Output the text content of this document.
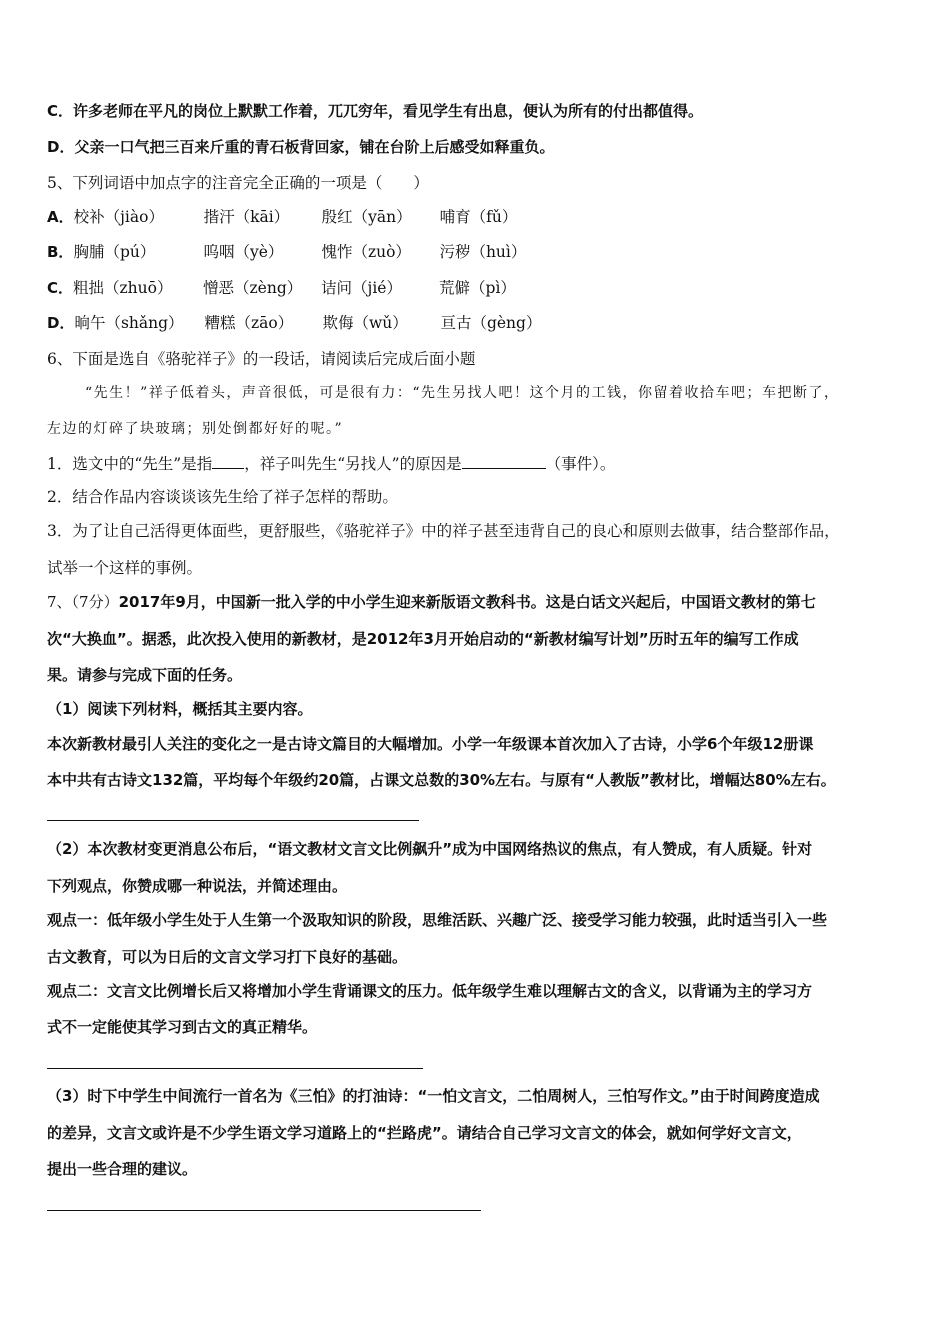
C．许多老师在平凡的岗位上默默工作着，兀兀穷年，看见学生有出息，便认为所有的付出都值得。
D．父亲一口气把三百来斤重的青石板背回家，铺在台阶上后感受如释重负。
5、下列词语中加点字的注音完全正确的一项是（　　）
A．校补（jiào）	揩汗（kāi） 殷红（yān） 哺育（fǔ）
B．胸脯（pú）	呜咽（yè） 愧怍（zuò） 污秽（huì）
C．粗拙（zhuō） 憎恶（zèng） 诘问（jié） 荒僻（pì）
D．晌午（shǎng） 糟糕（zāo） 欺侮（wǔ） 亘古（gèng）
6、下面是选自《骆驼祥子》的一段话，请阅读后完成后面小题
“先生！”祥子低着头，声音很低，可是很有力：“先生另找人吧！这个月的工钱，你留着收拾车吧；车把断了，
左边的灯碎了块玻璃；别处倒都好好的呢。”
1．选文中的“先生”是指 ，祥子叫先生“另找人”的原因是	（事件）。
2．结合作品内容谈谈该先生给了祥子怎样的帮助。
3．为了让自己活得更体面些，更舒服些，《骆驼祥子》中的祥子甚至违背自己的良心和原则去做事，结合整部作品，
试举一个这样的事例。
7、（7分）2017年9月，中国新一批入学的中小学生迎来新版语文教科书。这是白话文兴起后，中国语文教材的第七
次“大换血”。据悉，此次投入使用的新教材，是2012年3月开始启动的“新教材编写计划”历时五年的编写工作成
果。请参与完成下面的任务。
（1）阅读下列材料，概括其主要内容。
本次新教材最引人关注的变化之一是古诗文篇目的大幅增加。小学一年级课本首次加入了古诗，小学6个年级12册课
本中共有古诗文132篇，平均每个年级约20篇，占课文总数的30%左右。与原有“人教版”教材比，增幅达80%左右。
（2）本次教材变更消息公布后，“语文教材文言文比例飙升”成为中国网络热议的焦点，有人赞成，有人质疑。针对
下列观点，你赞成哪一种说法，并简述理由。
观点一：低年级小学生处于人生第一个汲取知识的阶段，思维活跃、兴趣广泛、接受学习能力较强，此时适当引入一些
古文教育，可以为日后的文言文学习打下良好的基础。
观点二：文言文比例增长后又将增加小学生背诵课文的压力。低年级学生难以理解古文的含义，以背诵为主的学习方
式不一定能使其学习到古文的真正精华。
（3）时下中学生中间流行一首名为《三怕》的打油诗：“一怕文言文，二怕周树人，三怕写作文。”由于时间跨度造成
的差异，文言文或许是不少学生语文学习道路上的“拦路虎”。请结合自己学习文言文的体会，就如何学好文言文，
提出一些合理的建议。
